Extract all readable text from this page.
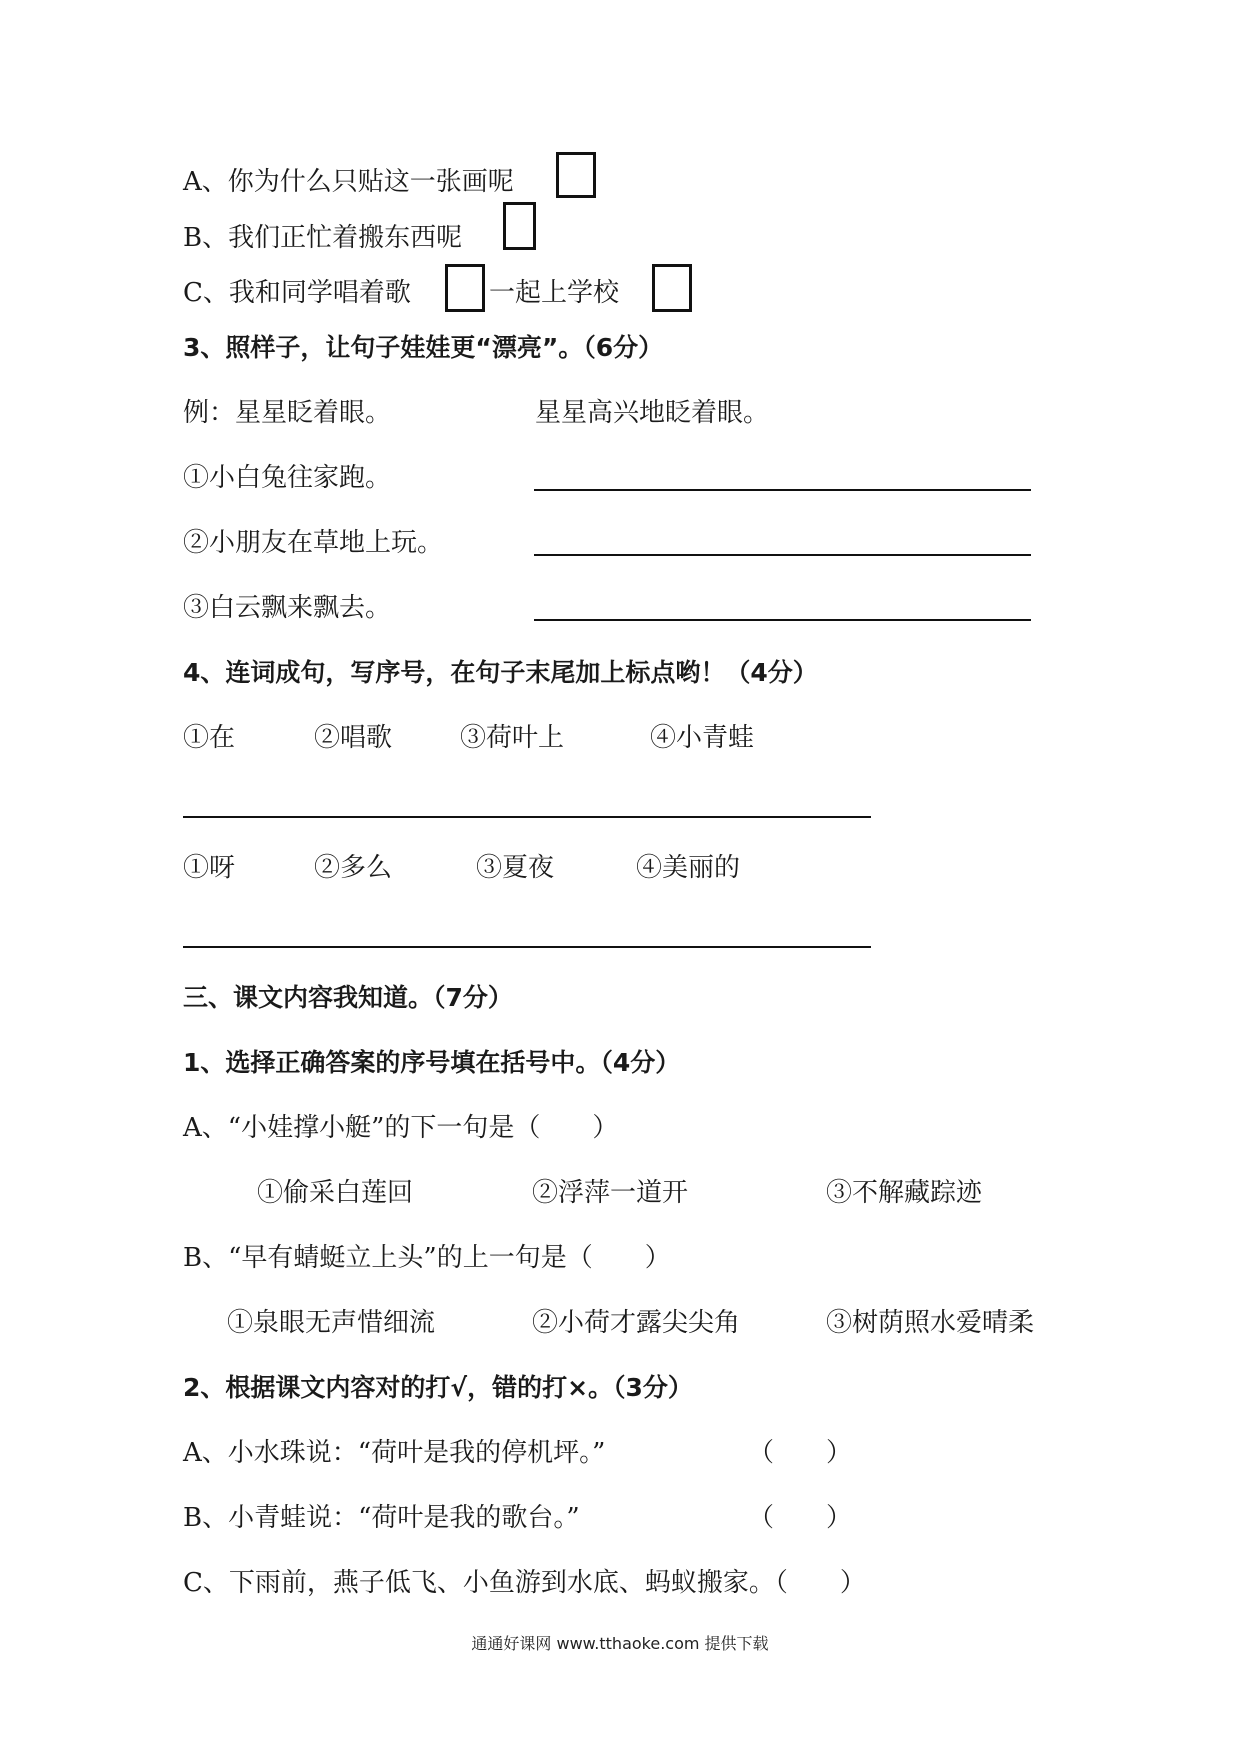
A、你为什么只贴这一张画呢
B、我们正忙着搬东西呢
C、我和同学唱着歌	一起上学校
3、照样子，让句子娃娃更“漂亮”。（6分）
例：星星眨着眼。	星星高兴地眨着眼。
①小白兔往家跑。
②小朋友在草地上玩。
③白云飘来飘去。
4、连词成句，写序号，在句子末尾加上标点哟！（4分）
①在	②唱歌	③荷叶上	④小青蛙
①呀	②多么	③夏夜	④美丽的
三、课文内容我知道。（7分）
1、选择正确答案的序号填在括号中。（4分）
A、“小娃撑小艇”的下一句是（　　）
①偷采白莲回	②浮萍一道开	③不解藏踪迹
B、“早有蜻蜓立上头”的上一句是（　　）
①泉眼无声惜细流	②小荷才露尖尖角	③树荫照水爱晴柔
2、根据课文内容对的打√，错的打×。（3分）
A、小水珠说：“荷叶是我的停机坪。”	（　　）
B、小青蛙说：“荷叶是我的歌台。”	（　　）
C、下雨前，燕子低飞、小鱼游到水底、蚂蚁搬家。（　　）
通通好课网 www.tthaoke.com 提供下载
